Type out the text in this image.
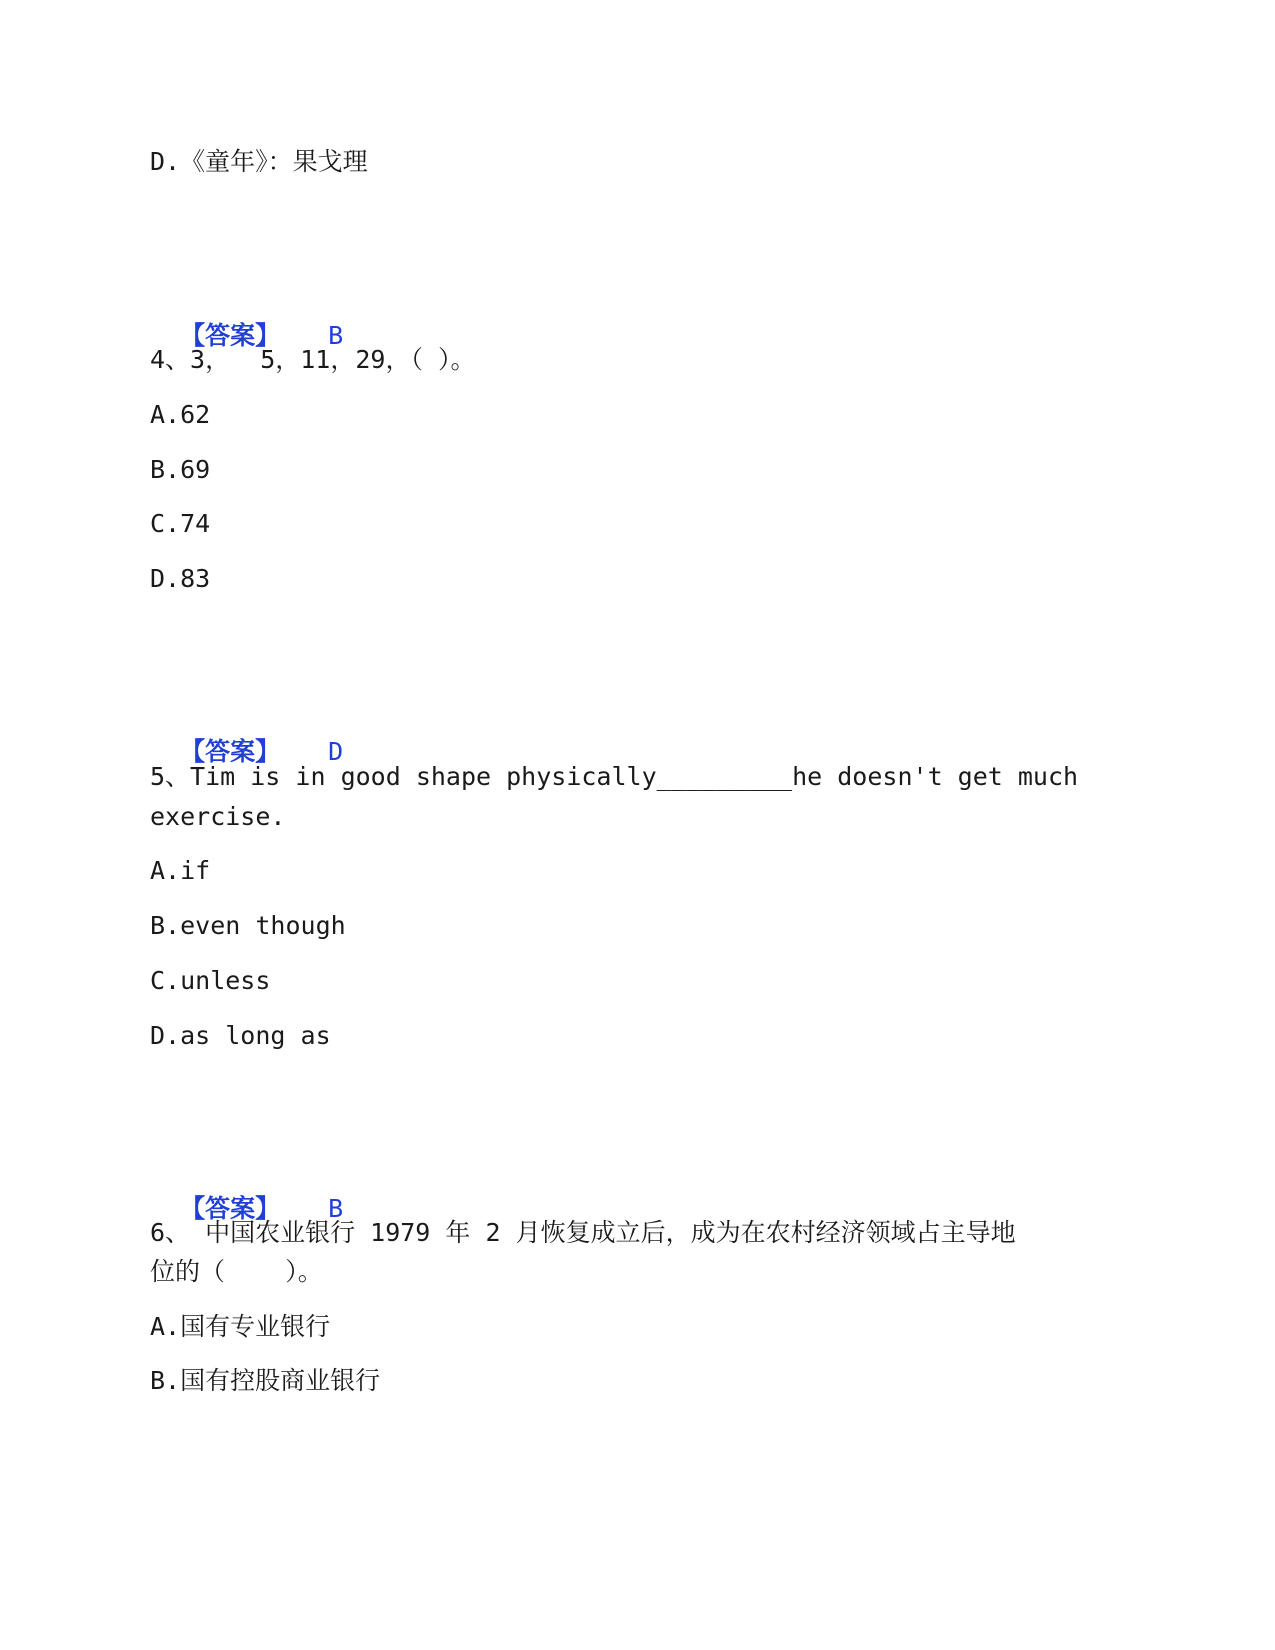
D.《童年》：果戈理

【答案】 B

4、3，  5，11，29，（ ）。
A.62
B.69
C.74
D.83

【答案】 D

5、Tim is in good shape physically_________he doesn't get much
exercise.
A.if
B.even though
C.unless
D.as long as

【答案】 B

6、 中国农业银行 1979 年 2 月恢复成立后，成为在农村经济领域占主导地
位的（    ）。
A.国有专业银行
B.国有控股商业银行
